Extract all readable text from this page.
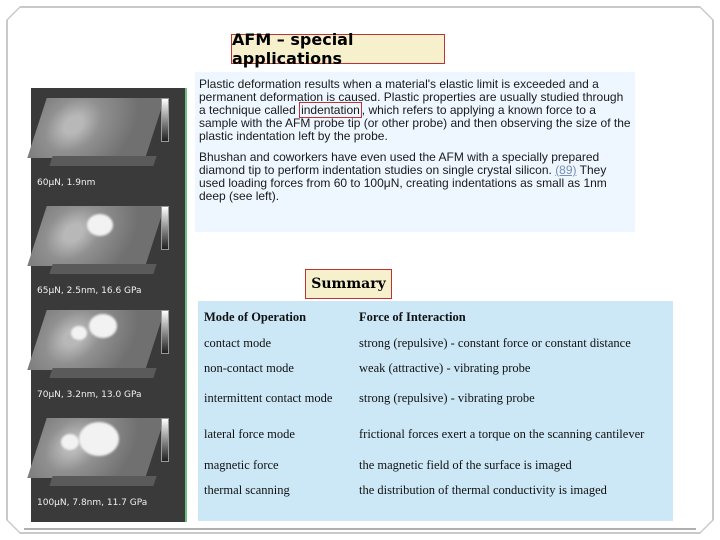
AFM – special applications
60μN, 1.9nm
65μN, 2.5nm, 16.6 GPa
70μN, 3.2nm, 13.0 GPa
100μN, 7.8nm, 11.7 GPa

Plastic deformation results when a material's elastic limit is exceeded and a permanent deformation is caused. Plastic properties are usually studied through a technique called indentation , which refers to applying a known force to a sample with the AFM probe tip (or other probe) and then observing the size of the plastic indentation left by the probe.

Bhushan and coworkers have even used the AFM with a specially prepared diamond tip to perform indentation studies on single crystal silicon. (89) They used loading forces from 60 to 100μN, creating indentations as small as 1nm deep (see left).

Summary
Mode of Operation	Force of Interaction
contact mode	strong (repulsive) - constant force or constant distance
non-contact mode	weak (attractive) - vibrating probe
intermittent contact mode	strong (repulsive) - vibrating probe
lateral force mode	frictional forces exert a torque on the scanning cantilever
magnetic force	the magnetic field of the surface is imaged
thermal scanning	the distribution of thermal conductivity is imaged
